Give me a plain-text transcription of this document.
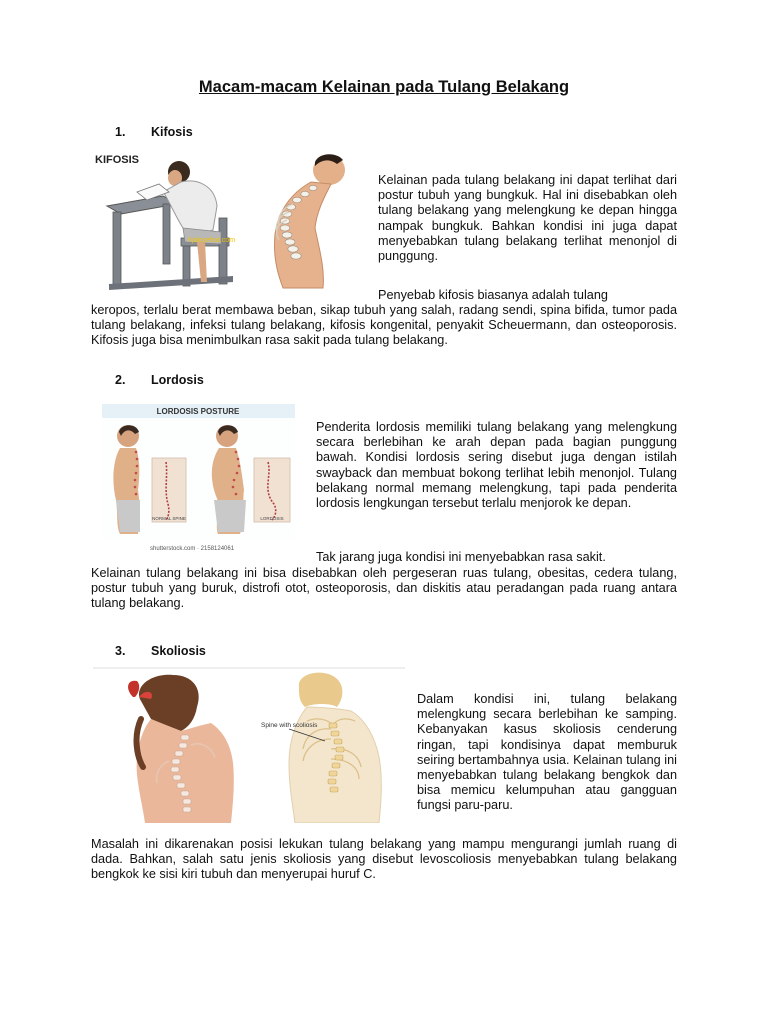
Macam-macam Kelainan pada Tulang Belakang
1. Kifosis
KIFOSIS
hjalosehat.com

Kelainan pada tulang belakang ini dapat terlihat dari postur tubuh yang bungkuk. Hal ini disebabkan oleh tulang belakang yang melengkung ke depan hingga nampak bungkuk. Bahkan kondisi ini juga dapat menyebabkan tulang belakang terlihat menonjol di punggung.

Penyebab kifosis biasanya adalah tulang

keropos, terlalu berat membawa beban, sikap tubuh yang salah, radang sendi, spina bifida, tumor pada tulang belakang, infeksi tulang belakang, kifosis kongenital, penyakit Scheuermann, dan osteoporosis. Kifosis juga bisa menimbulkan rasa sakit pada tulang belakang.

2. Lordosis
LORDOSIS POSTURE
NORMAL SPINE	LORDOSIS
shutterstock.com · 2158124061

Penderita lordosis memiliki tulang belakang yang melengkung secara berlebihan ke arah depan pada bagian punggung bawah. Kondisi lordosis sering disebut juga dengan istilah swayback dan membuat bokong terlihat lebih menonjol. Tulang belakang normal memang melengkung, tapi pada penderita lordosis lengkungan tersebut terlalu menjorok ke depan.

Tak jarang juga kondisi ini menyebabkan rasa sakit.

Kelainan tulang belakang ini bisa disebabkan oleh pergeseran ruas tulang, obesitas, cedera tulang, postur tubuh yang buruk, distrofi otot, osteoporosis, dan diskitis atau peradangan pada ruang antara tulang belakang.

3. Skoliosis
Spine with scoliosis

Dalam kondisi ini, tulang belakang melengkung secara berlebihan ke samping. Kebanyakan kasus skoliosis cenderung ringan, tapi kondisinya dapat memburuk seiring bertambahnya usia. Kelainan tulang ini menyebabkan tulang belakang bengkok dan bisa memicu kelumpuhan atau gangguan fungsi paru-paru.

Masalah ini dikarenakan posisi lekukan tulang belakang yang mampu mengurangi jumlah ruang di dada. Bahkan, salah satu jenis skoliosis yang disebut levoscoliosis menyebabkan tulang belakang bengkok ke sisi kiri tubuh dan menyerupai huruf C.
